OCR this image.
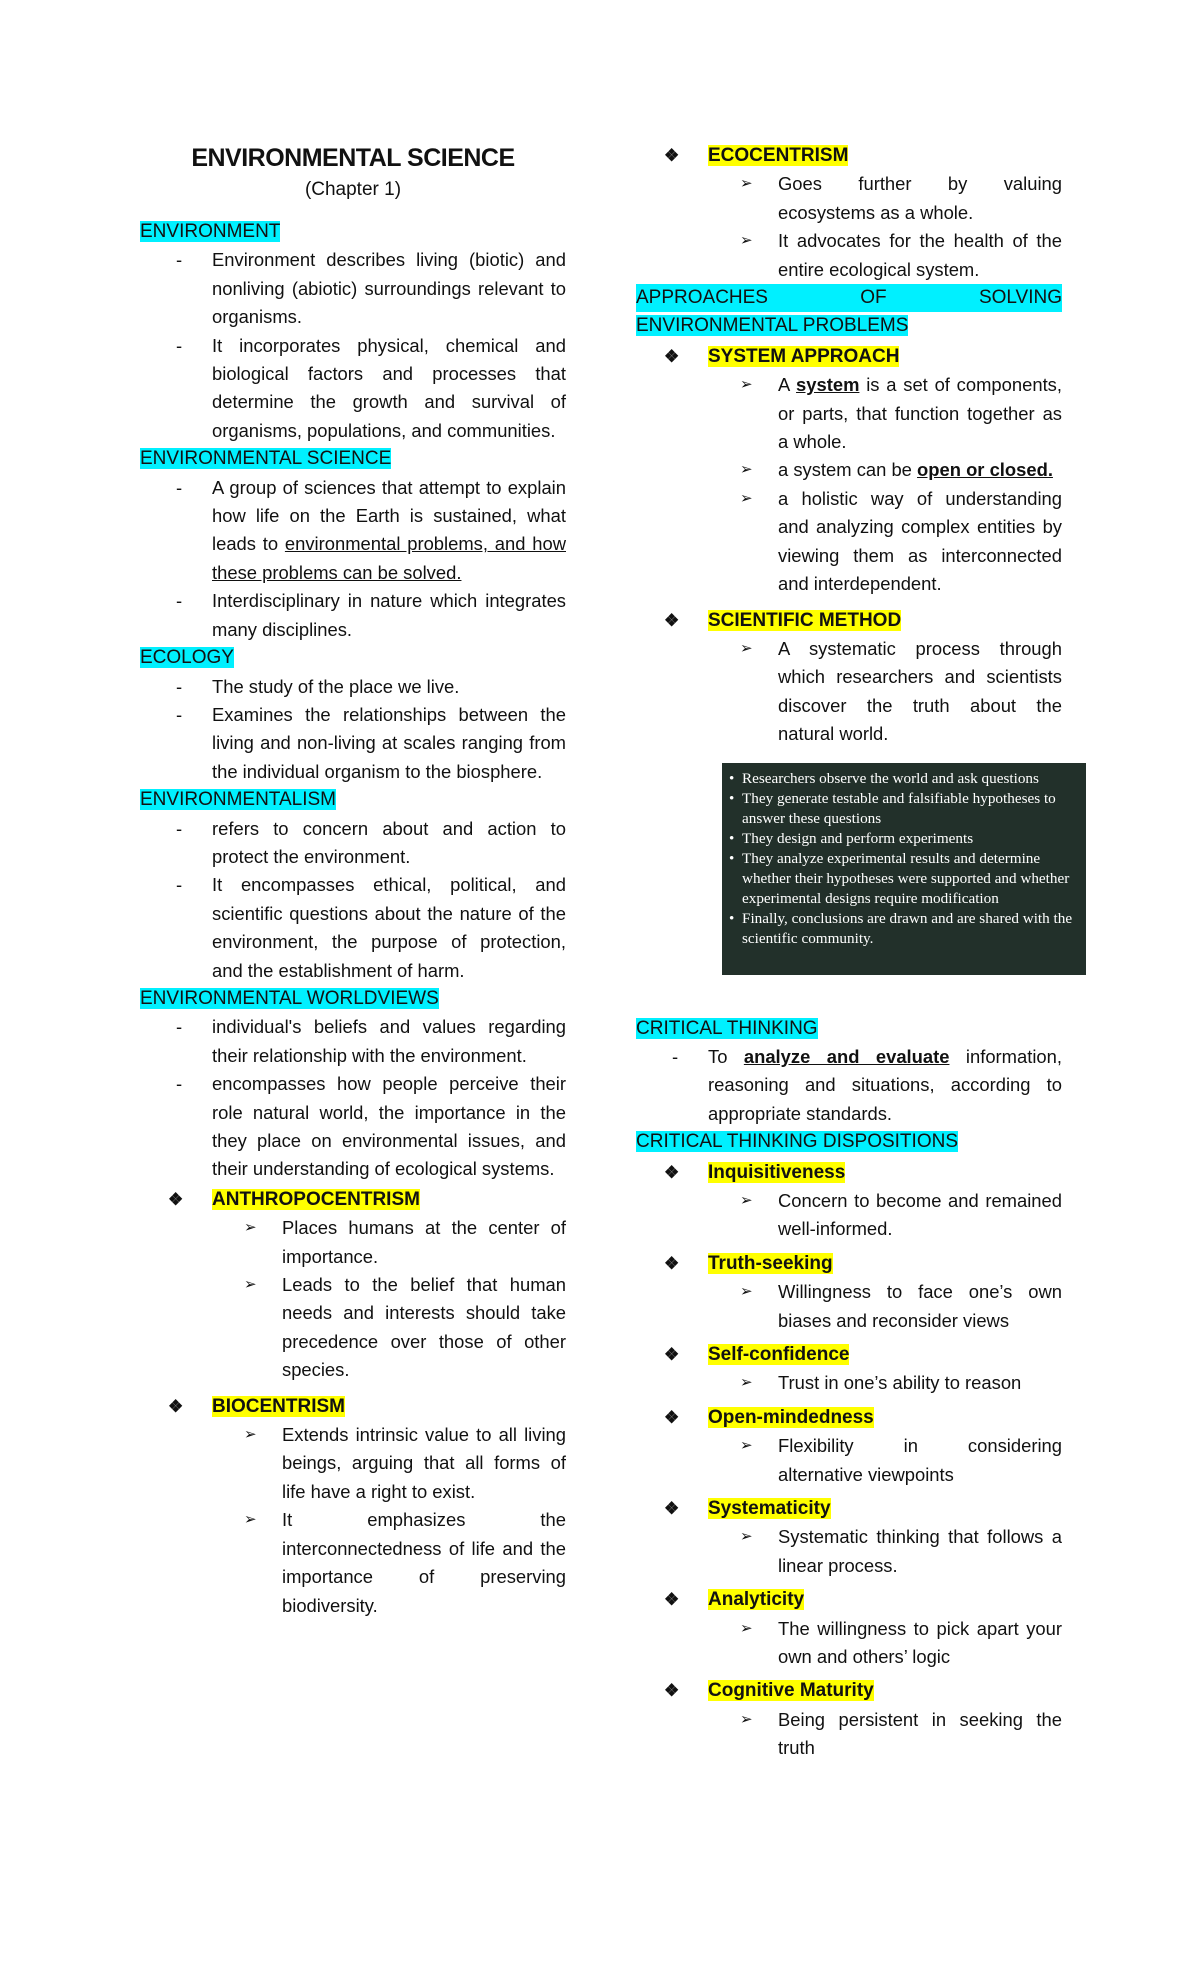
ENVIRONMENTAL SCIENCE
(Chapter 1)
ENVIRONMENT
- Environment describes living (biotic) and nonliving (abiotic) surroundings relevant to organisms.
- It incorporates physical, chemical and biological factors and processes that determine the growth and survival of organisms, populations, and communities.
ENVIRONMENTAL SCIENCE
- A group of sciences that attempt to explain how life on the Earth is sustained, what leads to environmental problems, and how these problems can be solved.
- Interdisciplinary in nature which integrates many disciplines.
ECOLOGY
- The study of the place we live.
- Examines the relationships between the living and non-living at scales ranging from the individual organism to the biosphere.
ENVIRONMENTALISM
- refers to concern about and action to protect the environment.
- It encompasses ethical, political, and scientific questions about the nature of the environment, the purpose of protection, and the establishment of harm.
ENVIRONMENTAL WORLDVIEWS
- individual's beliefs and values regarding their relationship with the environment.
- encompasses how people perceive their role natural world, the importance in the they place on environmental issues, and their understanding of ecological systems.
❖ ANTHROPOCENTRISM
➢ Places humans at the center of importance.
➢ Leads to the belief that human needs and interests should take precedence over those of other species.
❖ BIOCENTRISM
➢ Extends intrinsic value to all living beings, arguing that all forms of life have a right to exist.
➢ It emphasizes the interconnectedness of life and the importance of preserving biodiversity.
❖ ECOCENTRISM
➢ Goes further by valuing ecosystems as a whole.
➢ It advocates for the health of the entire ecological system.
APPROACHES OF SOLVING
ENVIRONMENTAL PROBLEMS
❖ SYSTEM APPROACH
➢ A system is a set of components, or parts, that function together as a whole.
➢ a system can be open or closed.
➢ a holistic way of understanding and analyzing complex entities by viewing them as interconnected and interdependent.
❖ SCIENTIFIC METHOD
➢ A systematic process through which researchers and scientists discover the truth about the natural world.
• Researchers observe the world and ask questions
• They generate testable and falsifiable hypotheses to answer these questions
• They design and perform experiments
• They analyze experimental results and determine whether their hypotheses were supported and whether experimental designs require modification
• Finally, conclusions are drawn and are shared with the scientific community.
CRITICAL THINKING
- To analyze and evaluate information, reasoning and situations, according to appropriate standards.
CRITICAL THINKING DISPOSITIONS
❖ Inquisitiveness
➢ Concern to become and remained well-informed.
❖ Truth-seeking
➢ Willingness to face one’s own biases and reconsider views
❖ Self-confidence
➢ Trust in one’s ability to reason
❖ Open-mindedness
➢ Flexibility in considering alternative viewpoints
❖ Systematicity
➢ Systematic thinking that follows a linear process.
❖ Analyticity
➢ The willingness to pick apart your own and others’ logic
❖ Cognitive Maturity
➢ Being persistent in seeking the truth
